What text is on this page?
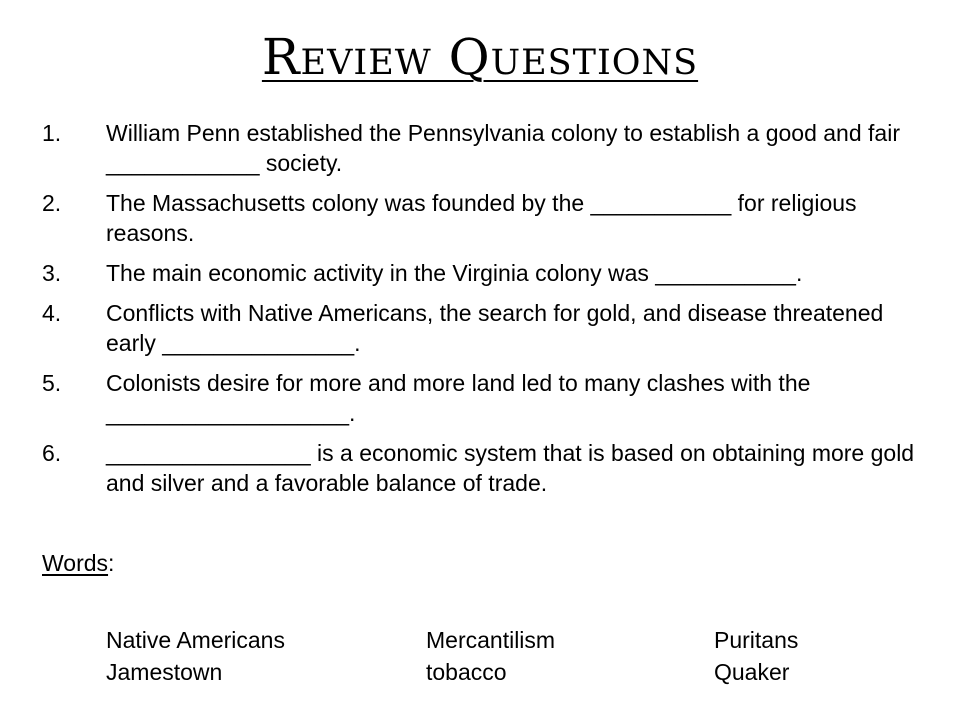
Review Questions
1.	William Penn established the Pennsylvania colony to establish a good and fair ____________ society.
2.	The Massachusetts colony was founded by the ___________ for religious reasons.
3.	The main economic activity in the Virginia colony was ___________.
4.	Conflicts with Native Americans, the search for gold, and disease threatened early _______________.
5.	Colonists desire for more and more land led to many clashes with the ___________________.
6.	________________ is a economic system that is based on obtaining more gold and silver and a favorable balance of trade.
Words:
Native Americans	Mercantilism	Puritans
Jamestown	tobacco	Quaker
